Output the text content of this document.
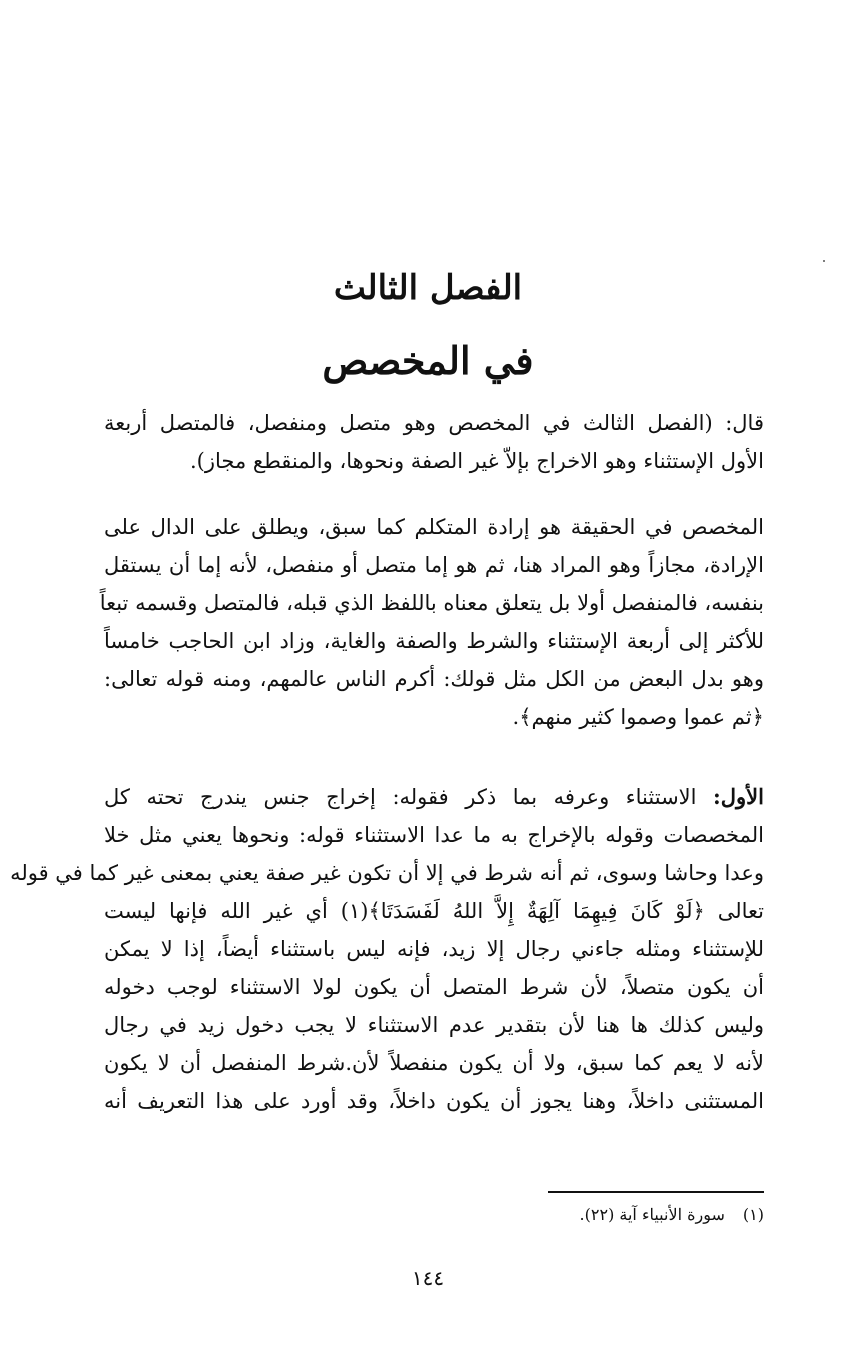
الفصل الثالث
في المخصص
قال: (الفصل الثالث في المخصص وهو متصل ومنفصل، فالمتصل أربعة
الأول الإستثناء وهو الاخراج بإلاّ غير الصفة ونحوها، والمنقطع مجاز).
المخصص في الحقيقة هو إرادة المتكلم كما سبق، ويطلق على الدال على
الإرادة، مجازاً وهو المراد هنا، ثم هو إما متصل أو منفصل، لأنه إما أن يستقل
بنفسه، فالمنفصل أولا بل يتعلق معناه باللفظ الذي قبله، فالمتصل وقسمه تبعاً
للأكثر إلى أربعة الإستثناء والشرط والصفة والغاية، وزاد ابن الحاجب خامساً
وهو بدل البعض من الكل مثل قولك: أكرم الناس عالمهم، ومنه قوله تعالى:
﴿ثم عموا وصموا كثير منهم﴾.
الأول: الاستثناء وعرفه بما ذكر فقوله: إخراج جنس يندرج تحته كل
المخصصات وقوله بالإخراج به ما عدا الاستثناء قوله: ونحوها يعني مثل خلا
وعدا وحاشا وسوى، ثم أنه شرط في إلا أن تكون غير صفة يعني بمعنى غير كما في قوله
تعالى ﴿لَوْ كَانَ فِيهِمَا آلِهَةٌ إِلاَّ اللهُ لَفَسَدَتَا﴾(١) أي غير الله فإنها ليست
للإستثناء ومثله جاءني رجال إلا زيد، فإنه ليس باستثناء أيضاً، إذا لا يمكن
أن يكون متصلاً، لأن شرط المتصل أن يكون لولا الاستثناء لوجب دخوله
وليس كذلك ها هنا لأن بتقدير عدم الاستثناء لا يجب دخول زيد في رجال
لأنه لا يعم كما سبق، ولا أن يكون منفصلاً لأن.شرط المنفصل أن لا يكون
المستثنى داخلاً، وهنا يجوز أن يكون داخلاً، وقد أورد على هذا التعريف أنه
(١)سورة الأنبياء آية (٢٢).
١٤٤
